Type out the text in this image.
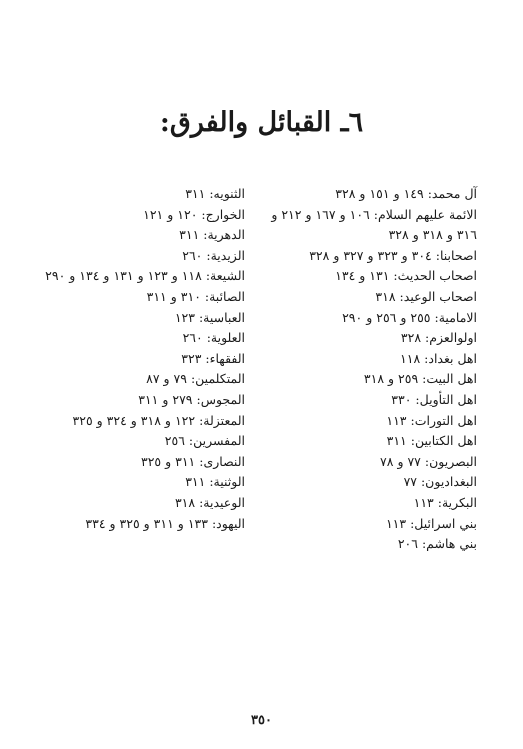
٦ـ القبائل والفرق:
آل محمد: ١٤٩ و ١٥١ و ٣٢٨
الائمة عليهم السلام: ١٠٦ و ١٦٧ و ٢١٢ و
٣١٦ و ٣١٨ و ٣٢٨
اصحابنا: ٣٠٤ و ٣٢٣ و ٣٢٧ و ٣٢٨
اصحاب الحديث: ١٣١ و ١٣٤
اصحاب الوعيد: ٣١٨
الامامية: ٢٥٥ و ٢٥٦ و ٢٩٠
اولوالعزم: ٣٢٨
اهل بغداد: ١١٨
اهل البيت: ٢٥٩ و ٣١٨
اهل التأويل: ٣٣٠
اهل التورات: ١١٣
اهل الكتابين: ٣١١
البصريون: ٧٧ و ٧٨
البغداديون: ٧٧
البكرية: ١١٣
بني اسرائيل: ١١٣
بني هاشم: ٢٠٦
الثنويه: ٣١١
الخوارج: ١٢٠ و ١٢١
الدهرية: ٣١١
الزيدية: ٢٦٠
الشيعة: ١١٨ و ١٢٣ و ١٣١ و ١٣٤ و ٢٩٠
الصائبة: ٣١٠ و ٣١١
العباسية: ١٢٣
العلوية: ٢٦٠
الفقهاء: ٣٢٣
المتكلمين: ٧٩ و ٨٧
المجوس: ٢٧٩ و ٣١١
المعتزلة: ١٢٢ و ٣١٨ و ٣٢٤ و ٣٢٥
المفسرين: ٢٥٦
النصارى: ٣١١ و ٣٢٥
الوثنية: ٣١١
الوعيدية: ٣١٨
اليهود: ١٣٣ و ٣١١ و ٣٢٥ و ٣٣٤
٣٥٠
